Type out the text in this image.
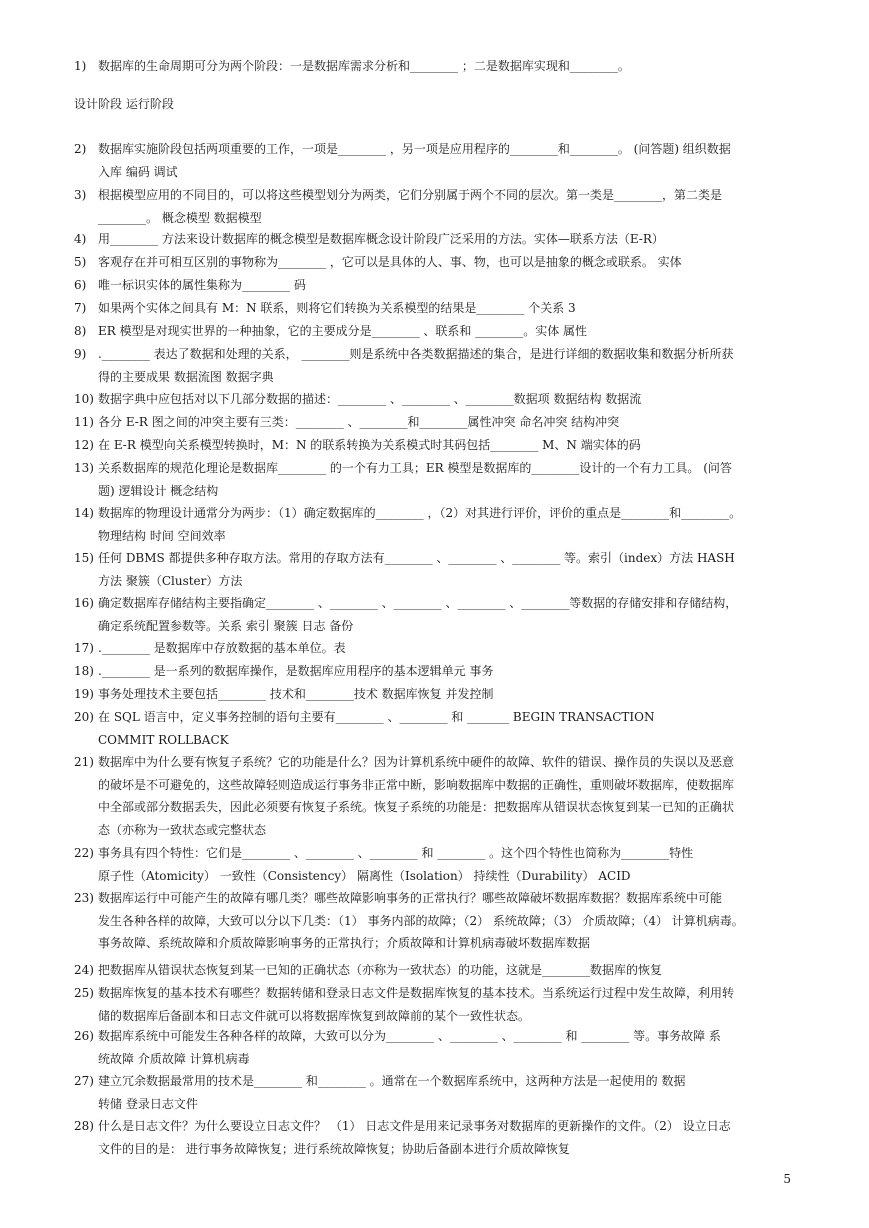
1) 数据库的生命周期可分为两个阶段：一是数据库需求分析和________ ；二是数据库实现和________。
设计阶段 运行阶段
2) 数据库实施阶段包括两项重要的工作，一项是________ ，另一项是应用程序的________和________。 (问答题) 组织数据
入库 编码 调试
3) 根据模型应用的不同目的，可以将这些模型划分为两类，它们分别属于两个不同的层次。第一类是________，第二类是
________。 概念模型 数据模型
4) 用________ 方法来设计数据库的概念模型是数据库概念设计阶段广泛采用的方法。实体—联系方法（E-R）
5) 客观存在并可相互区别的事物称为________ ，它可以是具体的人、事、物，也可以是抽象的概念或联系。 实体
6) 唯一标识实体的属性集称为________ 码
7) 如果两个实体之间具有 M：N 联系，则将它们转换为关系模型的结果是________ 个关系 3
8) ER 模型是对现实世界的一种抽象，它的主要成分是________ 、联系和 ________。实体 属性
9) .________ 表达了数据和处理的关系， ________则是系统中各类数据描述的集合，是进行详细的数据收集和数据分析所获
得的主要成果 数据流图 数据字典
10) 数据字典中应包括对以下几部分数据的描述：________ 、________ 、________数据项 数据结构 数据流
11) 各分 E-R 图之间的冲突主要有三类：________ 、________和________属性冲突 命名冲突 结构冲突
12) 在 E-R 模型向关系模型转换时，M：N 的联系转换为关系模式时其码包括________ M、N 端实体的码
13) 关系数据库的规范化理论是数据库________ 的一个有力工具；ER 模型是数据库的________设计的一个有力工具。 (问答
题) 逻辑设计 概念结构
14) 数据库的物理设计通常分为两步：（1）确定数据库的________ ，（2）对其进行评价，评价的重点是________和________。
物理结构 时间 空间效率
15) 任何 DBMS 都提供多种存取方法。常用的存取方法有________ 、________ 、________ 等。索引（index）方法 HASH
方法 聚簇（Cluster）方法
16) 确定数据库存储结构主要指确定________ 、________ 、________ 、________ 、________等数据的存储安排和存储结构，
确定系统配置参数等。关系 索引 聚簇 日志 备份
17) .________ 是数据库中存放数据的基本单位。表
18) .________ 是一系列的数据库操作，是数据库应用程序的基本逻辑单元 事务
19) 事务处理技术主要包括________ 技术和________技术 数据库恢复 并发控制
20) 在 SQL 语言中，定义事务控制的语句主要有________ 、________ 和 _______ BEGIN TRANSACTION
COMMIT ROLLBACK
21) 数据库中为什么要有恢复子系统？它的功能是什么？因为计算机系统中硬件的故障、软件的错误、操作员的失误以及恶意
的破坏是不可避免的，这些故障轻则造成运行事务非正常中断，影响数据库中数据的正确性，重则破坏数据库，使数据库
中全部或部分数据丢失，因此必须要有恢复子系统。恢复子系统的功能是：把数据库从错误状态恢复到某一已知的正确状
态（亦称为一致状态或完整状态
22) 事务具有四个特性：它们是________ 、________ 、________ 和 ________ 。这个四个特性也简称为________特性
原子性（Atomicity） 一致性（Consistency） 隔离性（Isolation） 持续性（Durability） ACID
23) 数据库运行中可能产生的故障有哪几类？哪些故障影响事务的正常执行？哪些故障破坏数据库数据？数据库系统中可能
发生各种各样的故障，大致可以分以下几类：（1） 事务内部的故障；（2） 系统故障；（3） 介质故障；（4） 计算机病毒。
事务故障、系统故障和介质故障影响事务的正常执行；介质故障和计算机病毒破坏数据库数据
24) 把数据库从错误状态恢复到某一已知的正确状态（亦称为一致状态）的功能，这就是________数据库的恢复
25) 数据库恢复的基本技术有哪些？数据转储和登录日志文件是数据库恢复的基本技术。当系统运行过程中发生故障，利用转
储的数据库后备副本和日志文件就可以将数据库恢复到故障前的某个一致性状态。
26) 数据库系统中可能发生各种各样的故障，大致可以分为________ 、________ 、________ 和 ________ 等。事务故障 系
统故障 介质故障 计算机病毒
27) 建立冗余数据最常用的技术是________ 和________ 。通常在一个数据库系统中，这两种方法是一起使用的 数据
转储 登录日志文件
28) 什么是日志文件？为什么要设立日志文件？ （1） 日志文件是用来记录事务对数据库的更新操作的文件。（2） 设立日志
文件的目的是： 进行事务故障恢复；进行系统故障恢复；协助后备副本进行介质故障恢复
5
